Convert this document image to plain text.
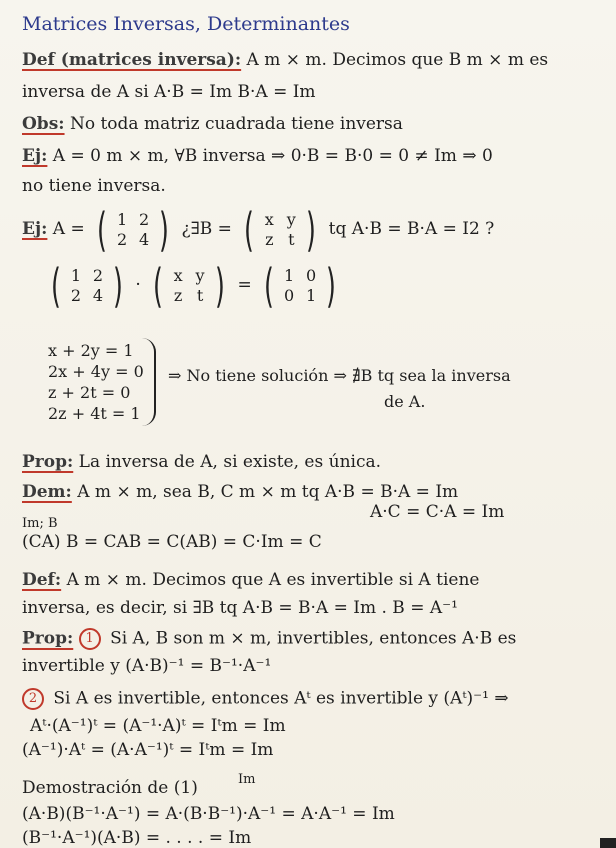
Matrices Inversas, Determinantes
Def (matrices inversa): A m × m. Decimos que B m × m es
inversa de A si A·B = Im B·A = Im
Obs: No toda matriz cuadrada tiene inversa
Ej: A = 0 m × m, ∀B inversa ⇒ 0·B = B·0 = 0 ≠ Im ⇒ 0
no tiene inversa.
Ej: A = ( 1 2
2 4 ) ¿∃B = ( x y
z t ) tq A·B = B·A = I2 ?
( 1 2
2 4 ) · ( x y
z t ) = ( 1 0
0 1 )
x + 2y = 1
2x + 4y = 0
z + 2t = 0
2z + 4t = 1
⇒ No tiene solución ⇒ ∄B tq sea la inversa
de A.
Prop: La inversa de A, si existe, es única.
Dem: A m × m, sea B, C m × m tq A·B = B·A = Im
A·C = C·A = Im
Im; B
(CA) B = CAB = C(AB) = C·Im = C
Def: A m × m. Decimos que A es invertible si A tiene
inversa, es decir, si ∃B tq A·B = B·A = Im . B = A⁻¹
Prop: 1 Si A, B son m × m, invertibles, entonces A·B es
invertible y (A·B)⁻¹ = B⁻¹·A⁻¹
2 Si A es invertible, entonces Aᵗ es invertible y (Aᵗ)⁻¹ ⇒
Aᵗ·(A⁻¹)ᵗ = (A⁻¹·A)ᵗ = Iᵗm = Im
(A⁻¹)·Aᵗ = (A·A⁻¹)ᵗ = Iᵗm = Im
Im
Demostración de (1)
(A·B)(B⁻¹·A⁻¹) = A·(B·B⁻¹)·A⁻¹ = A·A⁻¹ = Im
(B⁻¹·A⁻¹)(A·B) = . . . . = Im
